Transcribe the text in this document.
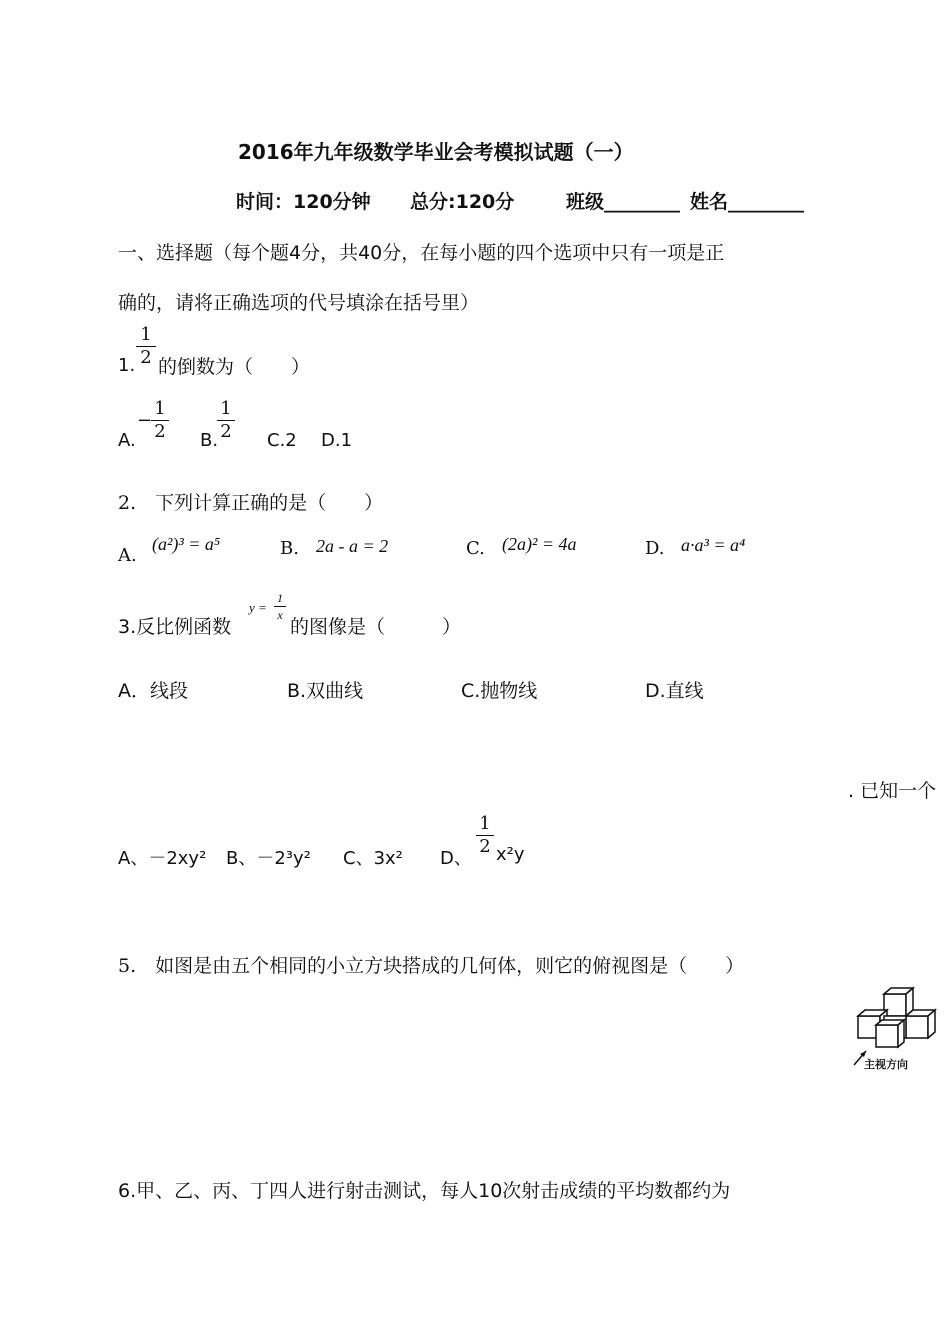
2016年九年级数学毕业会考模拟试题（一）
时间：120分钟 总分:120分	班级________ 姓名________
一、选择题（每个题4分，共40分，在每小题的四个选项中只有一项是正
确的，请将正确选项的代号填涂在括号里）
1.
1
2 的倒数为（　　）
A.
−
1
2 B.
1
2 C.2 D.1
2.　下列计算正确的是（　　）
A.
(a²)³ = a⁵	B. 2a - a = 2	C. (2a)² = 4a	D. a·a³ = a⁴
3.反比例函数
y =
1
x
的图像是（　　　）
A．线段	B.双曲线	C.抛物线	D.直线
. 已知一个
A、－2xy² B、－2³y² C、3x² D、
1
2 x²y
5.　如图是由五个相同的小立方块搭成的几何体，则它的俯视图是（　　）
主视方向
6.甲、乙、丙、丁四人进行射击测试，每人10次射击成绩的平均数都约为
